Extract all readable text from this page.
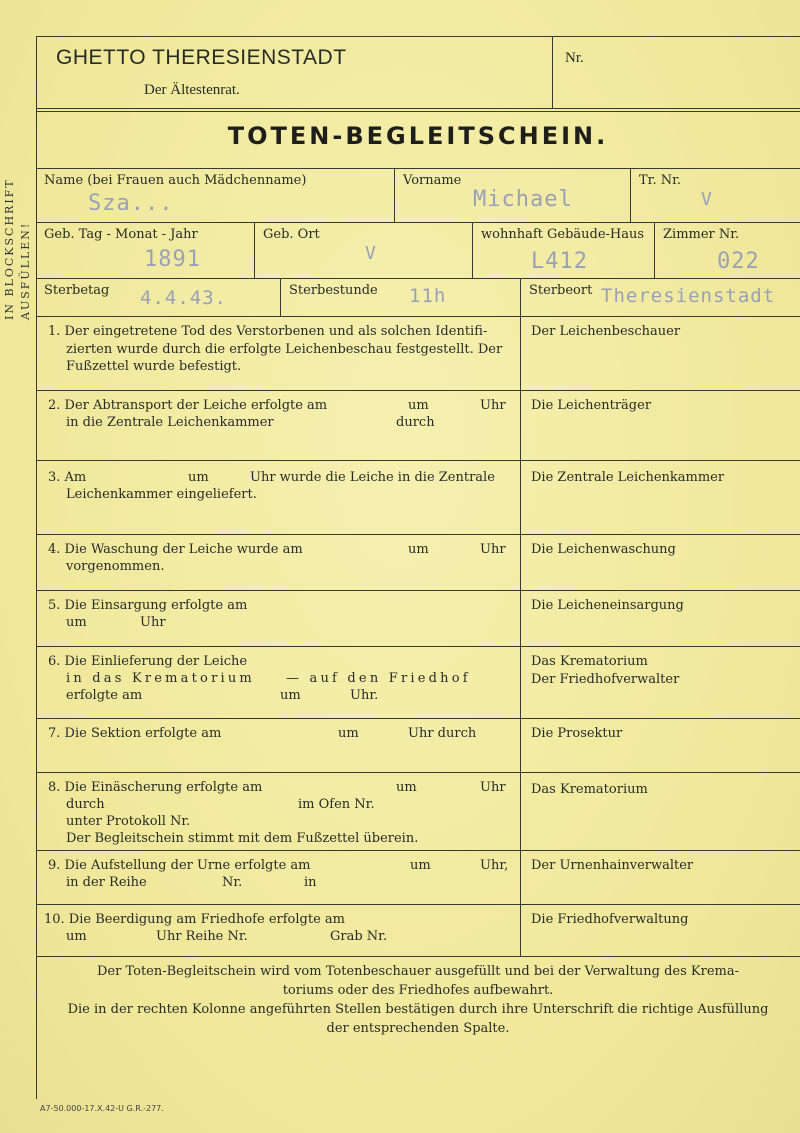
IN BLOCKSCHRIFT AUSFÜLLEN!
GHETTO THERESIENSTADT
Der Ältestenrat.
Nr.
TOTEN-BEGLEITSCHEIN.
Name (bei Frauen auch Mädchenname)
Sza...
Vorname
Michael
Tr. Nr.
V
Geb. Tag - Monat - Jahr
1891
Geb. Ort
V
wohnhaft Gebäude-Haus
L412
Zimmer Nr.
022
Sterbetag 4.4.43.	Sterbestunde 11h	Sterbeort Theresienstadt
1. Der eingetretene Tod des Verstorbenen und als solchen Identifi-
zierten wurde durch die erfolgte Leichenbeschau festgestellt. Der
Fußzettel wurde befestigt.
Der Leichenbeschauer
2. Der Abtransport der Leiche erfolgte am	um	Uhr
in die Zentrale Leichenkammer	durch
Die Leichenträger
3. Am	um	Uhr wurde die Leiche in die Zentrale
Leichenkammer eingeliefert.
Die Zentrale Leichenkammer
4. Die Waschung der Leiche wurde am	um	Uhr
vorgenommen.
Die Leichenwaschung
5. Die Einsargung erfolgte am
um	Uhr
Die Leicheneinsargung
6. Die Einlieferung der Leiche
in das Krematorium — auf den Friedhof
erfolgte am	um	Uhr.
Das Krematorium
Der Friedhofverwalter
7. Die Sektion erfolgte am	um	Uhr durch	Die Prosektur
8. Die Einäscherung erfolgte am	um	Uhr
durch	im Ofen Nr.
unter Protokoll Nr.
Der Begleitschein stimmt mit dem Fußzettel überein.
Das Krematorium
9. Die Aufstellung der Urne erfolgte am	um	Uhr,
in der Reihe	Nr.	in
Der Urnenhainverwalter
10. Die Beerdigung am Friedhofe erfolgte am
um	Uhr Reihe Nr.	Grab Nr.
Die Friedhofverwaltung
Der Toten-Begleitschein wird vom Totenbeschauer ausgefüllt und bei der Verwaltung des Krema-
toriums oder des Friedhofes aufbewahrt.
Die in der rechten Kolonne angeführten Stellen bestätigen durch ihre Unterschrift die richtige Ausfüllung
der entsprechenden Spalte.
A7-50.000-17.X.42-U G.R.-277.
